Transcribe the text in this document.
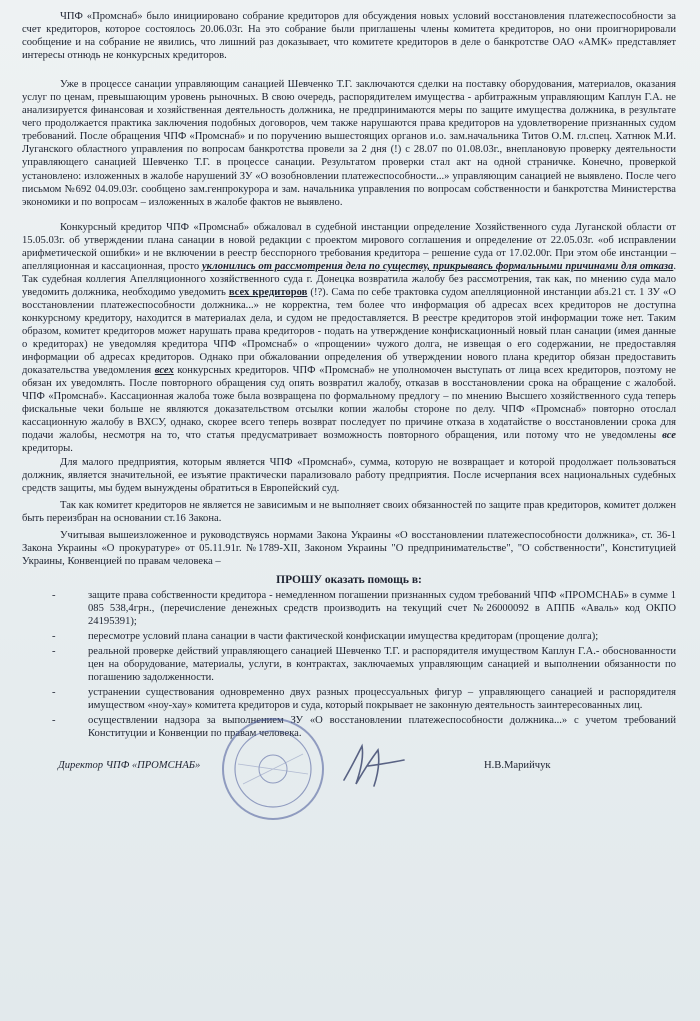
ЧПФ «Промснаб» было инициировано собрание кредиторов для обсуждения новых условий восстановления платежеспособности за счет кредиторов, которое состоялось 20.06.03г. На это собрание были приглашены члены комитета кредиторов, но они проигнорировали сообщение и на собрание не явились, что лишний раз доказывает, что комитете кредиторов в деле о банкротстве ОАО «АМК» представляет интересы отнюдь не конкурсных кредиторов.

Уже в процессе санации управляющим санацией Шевченко Т.Г. заключаются сделки на поставку оборудования, материалов, оказания услуг по ценам, превышающим уровень рыночных. В свою очередь, распорядителем имущества - арбитражным управляющим Каплун Г.А. не анализируется финансовая и хозяйственная деятельность должника, не предпринимаются меры по защите имущества должника, в результате чего продолжается практика заключения подобных договоров, чем также нарушаются права кредиторов на удовлетворение признанных судом требований. После обращения ЧПФ «Промснаб» и по поручению вышестоящих органов и.о. зам.начальника Титов О.М. гл.спец. Хатнюк М.И. Луганского областного управления по вопросам банкротства провели за 2 дня (!) с 28.07 по 01.08.03г., внеплановую проверку деятельности управляющего санацией Шевченко Т.Г. в процессе санации. Результатом проверки стал акт на одной страничке. Конечно, проверкой установлено: изложенных в жалобе нарушений ЗУ «О возобновлении платежеспособности...» управляющим санацией не выявлено. После чего письмом №692 04.09.03г. сообщено зам.генпрокурора и зам. начальника управления по вопросам собственности и банкротства Министерства экономики и по вопросам – изложенных в жалобе фактов не выявлено.

Конкурсный кредитор ЧПФ «Промснаб» обжаловал в судебной инстанции определение Хозяйственного суда Луганской области от 15.05.03г. об утверждении плана санации в новой редакции с проектом мирового соглашения и определение от 22.05.03г. «об исправлении арифметической ошибки» и не включении в реестр бесспорного требования кредитора – решение суда от 17.02.00г. При этом обе инстанции – апелляционная и кассационная, просто уклонились от рассмотрения дела по существу, прикрываясь формальными причинами для отказа. Так судебная коллегия Апелляционного хозяйственного суда г. Донецка возвратила жалобу без рассмотрения, так как, по мнению суда мало уведомить должника, необходимо уведомить всех кредиторов (!?). Сама по себе трактовка судом апелляционной инстанции абз.21 ст. 1 ЗУ «О восстановлении платежеспособности должника...» не корректна, тем более что информация об адресах всех кредиторов не доступна конкурсному кредитору, находится в материалах дела, и судом не предоставляется. В реестре кредиторов этой информации тоже нет. Таким образом, комитет кредиторов может нарушать права кредиторов - подать на утверждение конфискационный новый план санации (имея данные о кредиторах) не уведомляя кредитора ЧПФ «Промснаб» о «прощении» чужого долга, не извещая о его содержании, не предоставляя информации об адресах кредиторов. Однако при обжаловании определения об утверждении нового плана кредитор обязан предоставить доказательства уведомления всех конкурсных кредиторов. ЧПФ «Промснаб» не уполномочен выступать от лица всех кредиторов, поэтому не обязан их уведомлять. После повторного обращения суд опять возвратил жалобу, отказав в восстановлении срока на обращение с жалобой. ЧПФ «Промснаб». Кассационная жалоба тоже была возвращена по формальному предлогу – по мнению Высшего хозяйственного суда теперь фискальные чеки больше не являются доказательством отсылки копии жалобы стороне по делу. ЧПФ «Промснаб» повторно отослал кассационную жалобу в ВХСУ, однако, скорее всего теперь возврат последует по причине отказа в ходатайстве о восстановлении срока для подачи жалобы, несмотря на то, что статья предусматривает возможность повторного обращения, или потому что не уведомлены все кредиторы.

Для малого предприятия, которым является ЧПФ «Промснаб», сумма, которую не возвращает и которой продолжает пользоваться должник, является значительной, ее изъятие практически парализовало работу предприятия. После исчерпания всех национальных судебных средств защиты, мы будем вынуждены обратиться в Европейский суд.

Так как комитет кредиторов не является не зависимым и не выполняет своих обязанностей по защите прав кредиторов, комитет должен быть переизбран на основании ст.16 Закона.

Учитывая вышеизложенное и руководствуясь нормами Закона Украины «О восстановлении платежеспособности должника», ст. 36-1 Закона Украины «О прокуратуре» от 05.11.91г. №1789-XII, Законом Украины "О предпринимательстве", "О собственности", Конституцией Украины, Конвенцией по правам человека –

ПРОШУ оказать помощь в:
-	защите права собственности кредитора - немедленном погашении признанных судом требований ЧПФ «ПРОМСНАБ» в сумме 1 085 538,4грн., (перечисление денежных средств производить на текущий счет №26000092 в АППБ «Аваль» код ОКПО 24195391);
-	пересмотре условий плана санации в части фактической конфискации имущества кредиторам (прощение долга);
-	реальной проверке действий управляющего санацией Шевченко Т.Г. и распорядителя имуществом Каплун Г.А.- обоснованности цен на оборудование, материалы, услуги, в контрактах, заключаемых управляющим санацией и выполнении обязанности по погашению задолженности.
-	устранении существования одновременно двух разных процессуальных фигур – управляющего санацией и распорядителя имуществом «ноу-хау» комитета кредиторов и суда, который покрывает не законную деятельность заинтересованных лиц.
-	осуществлении надзора за выполнением ЗУ «О восстановлении платежеспособности должника...» с учетом требований Конституции и Конвенции по правам человека.
Директор ЧПФ «ПРОМСНАБ»	Н.В.Марийчук
